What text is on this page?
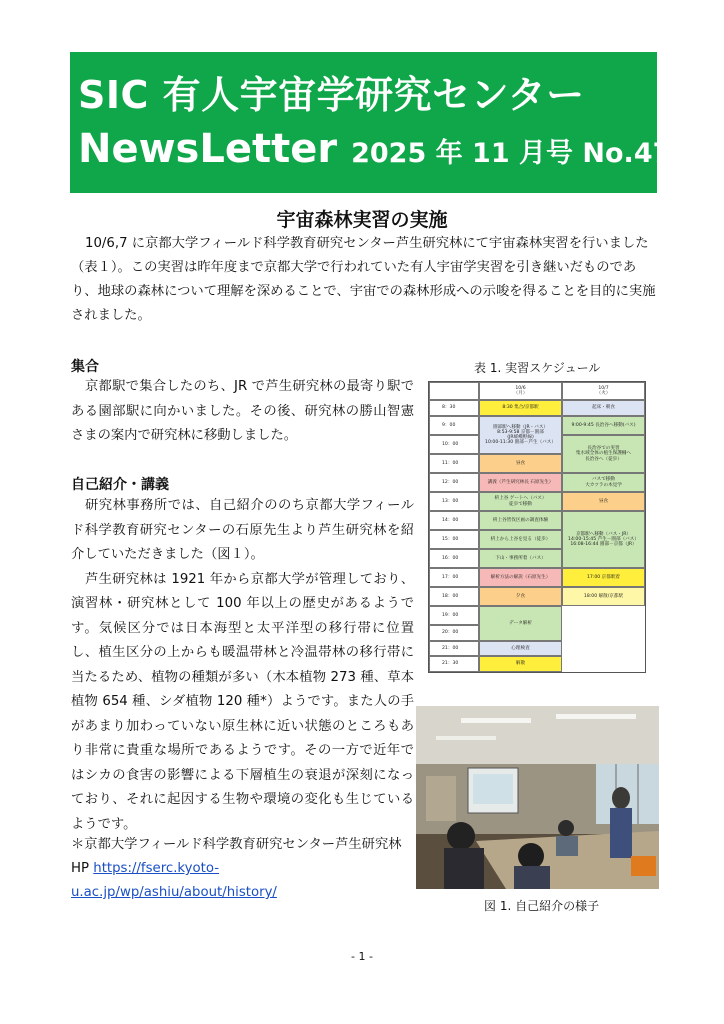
SIC 有人宇宙学研究センター
NewsLetter 2025 年 11 月号 No.47
宇宙森林実習の実施

10/6,7 に京都大学フィールド科学教育研究センター芦生研究林にて宇宙森林実習を行いました（表１）。この実習は昨年度まで京都大学で行われていた有人宇宙学実習を引き継いだものであり、地球の森林について理解を深めることで、宇宙での森林形成への示唆を得ることを目的に実施されました。

集合

京都駅で集合したのち、JR で芦生研究林の最寄り駅である園部駅に向かいました。その後、研究林の勝山智憲さまの案内で研究林に移動しました。

自己紹介・講義

研究林事務所では、自己紹介ののち京都大学フィールド科学教育研究センターの石原先生より芦生研究林を紹介していただきました（図１）。

芦生研究林は 1921 年から京都大学が管理しており、演習林・研究林として 100 年以上の歴史があるようです。気候区分では日本海型と太平洋型の移行帯に位置し、植生区分の上からも暖温帯林と冷温帯林の移行帯に当たるため、植物の種類が多い（木本植物 273 種、草本植物 654 種、シダ植物 120 種*）ようです。また人の手があまり加わっていない原生林に近い状態のところもあり非常に貴重な場所であるようです。その一方で近年ではシカの食害の影響による下層植生の衰退が深刻になっており、それに起因する生物や環境の変化も生じているようです。

＊京都大学フィールド科学教育研究センター芦生研究林 HP https://fserc.kyoto-u.ac.jp/wp/ashiu/about/history/
表 1. 実習スケジュール
10/6
（月）
10/7
（火）
8：30
9：00
10：00
11：00
12：00
13：00
14：00
15：00
16：00
17：00
18：00
19：00
20：00
21：00
21：30
8:30 集合/京都駅
園部駅へ移動（JR・バス）
8:53-9:58 京都－園部
(JR嵯峨野線)
10:00-11:30 園部－芦生（バス）
昼食
講義（芦生研究林長 石原先生）
枡上谷 ゲートへ（バス）
徒歩で移動
枡上谷皆伐区画の調査体験
枡上から上谷を見る（徒歩）
下山・事務所着（バス）
解析方法の解説（石原先生）
夕食
データ解析
心理検査
解散
起床・朝食
9:00-9:45 長治谷へ移動(バス)
長治谷での実習
集水域全体の植生保護柵へ
長治谷へ（徒歩）
バスで移動
大カツラの木見学
昼食
京都駅へ移動（バス・JR）
14:00-15:45 芦生－園部（バス）
16:08-16:44 園部－京都（JR）
17:00 京都駅着
18:00 解散/京都駅
図 1. 自己紹介の様子
- 1 -
